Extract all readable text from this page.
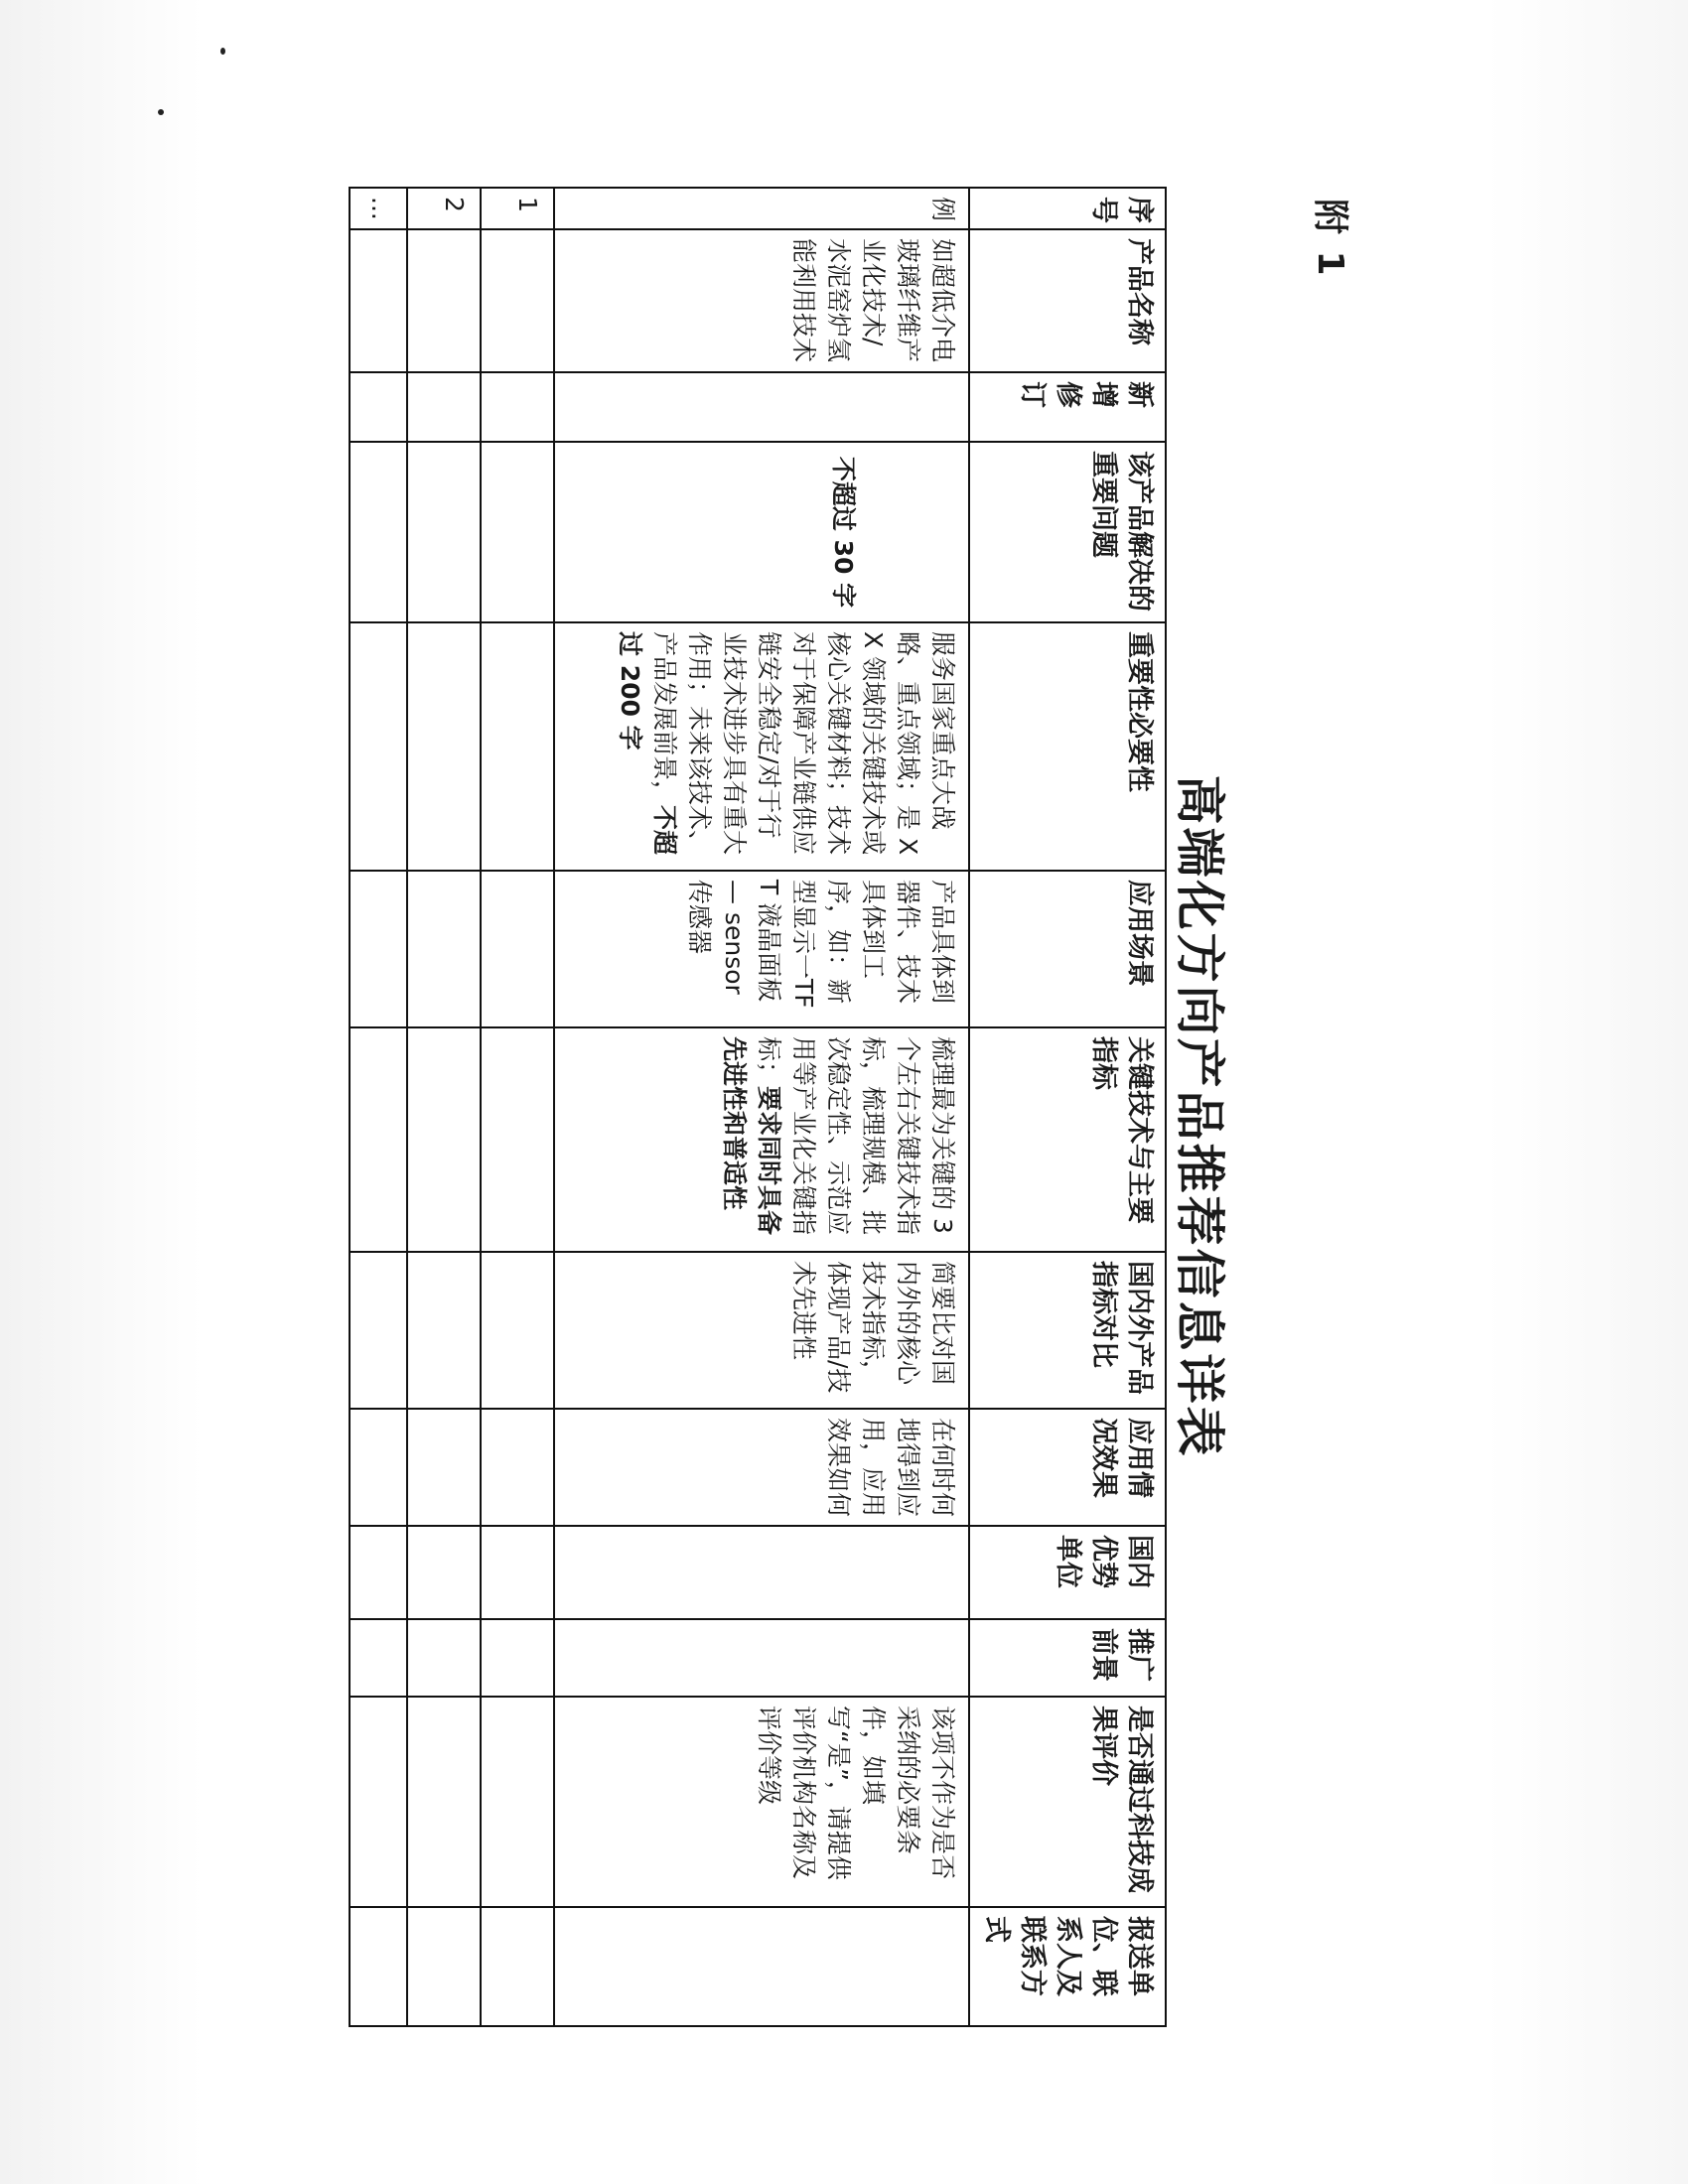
附 1
高端化方向产品推荐信息详表
序号	产品名称	新增修订	该产品解决的重要问题	重要性必要性	应用场景	关键技术与主要指标	国内外产品指标对比	应用情况效果	国内优势单位	推广前景	是否通过科技成果评价	报送单位、联系人及联系方式
例	如超低介电玻璃纤维产业化技术/水泥窑炉氢能利用技术		不超过 30 字	服务国家重点大战略、重点领域；是 XX 领域的关键技术或核心关键材料；技术对于保障产业链供应链安全稳定/对于行业技术进步具有重大作用；未来该技术、产品发展前景，不超过 200 字	产品具体到器件、技术具体到工序，如：新型显示一TFT 液晶面板 — sensor 传感器	梳理最为关键的 3 个左右关键技术指标，梳理规模、批次稳定性、示范应用等产业化关键指标；要求同时具备先进性和普适性	简要比对国内外的核心技术指标，体现产品/技术先进性	在何时何地得到应用，应用效果如何			该项不作为是否采纳的必要条件，如填写“是”，请提供评价机构名称及评价等级	
1												
2												
...												
